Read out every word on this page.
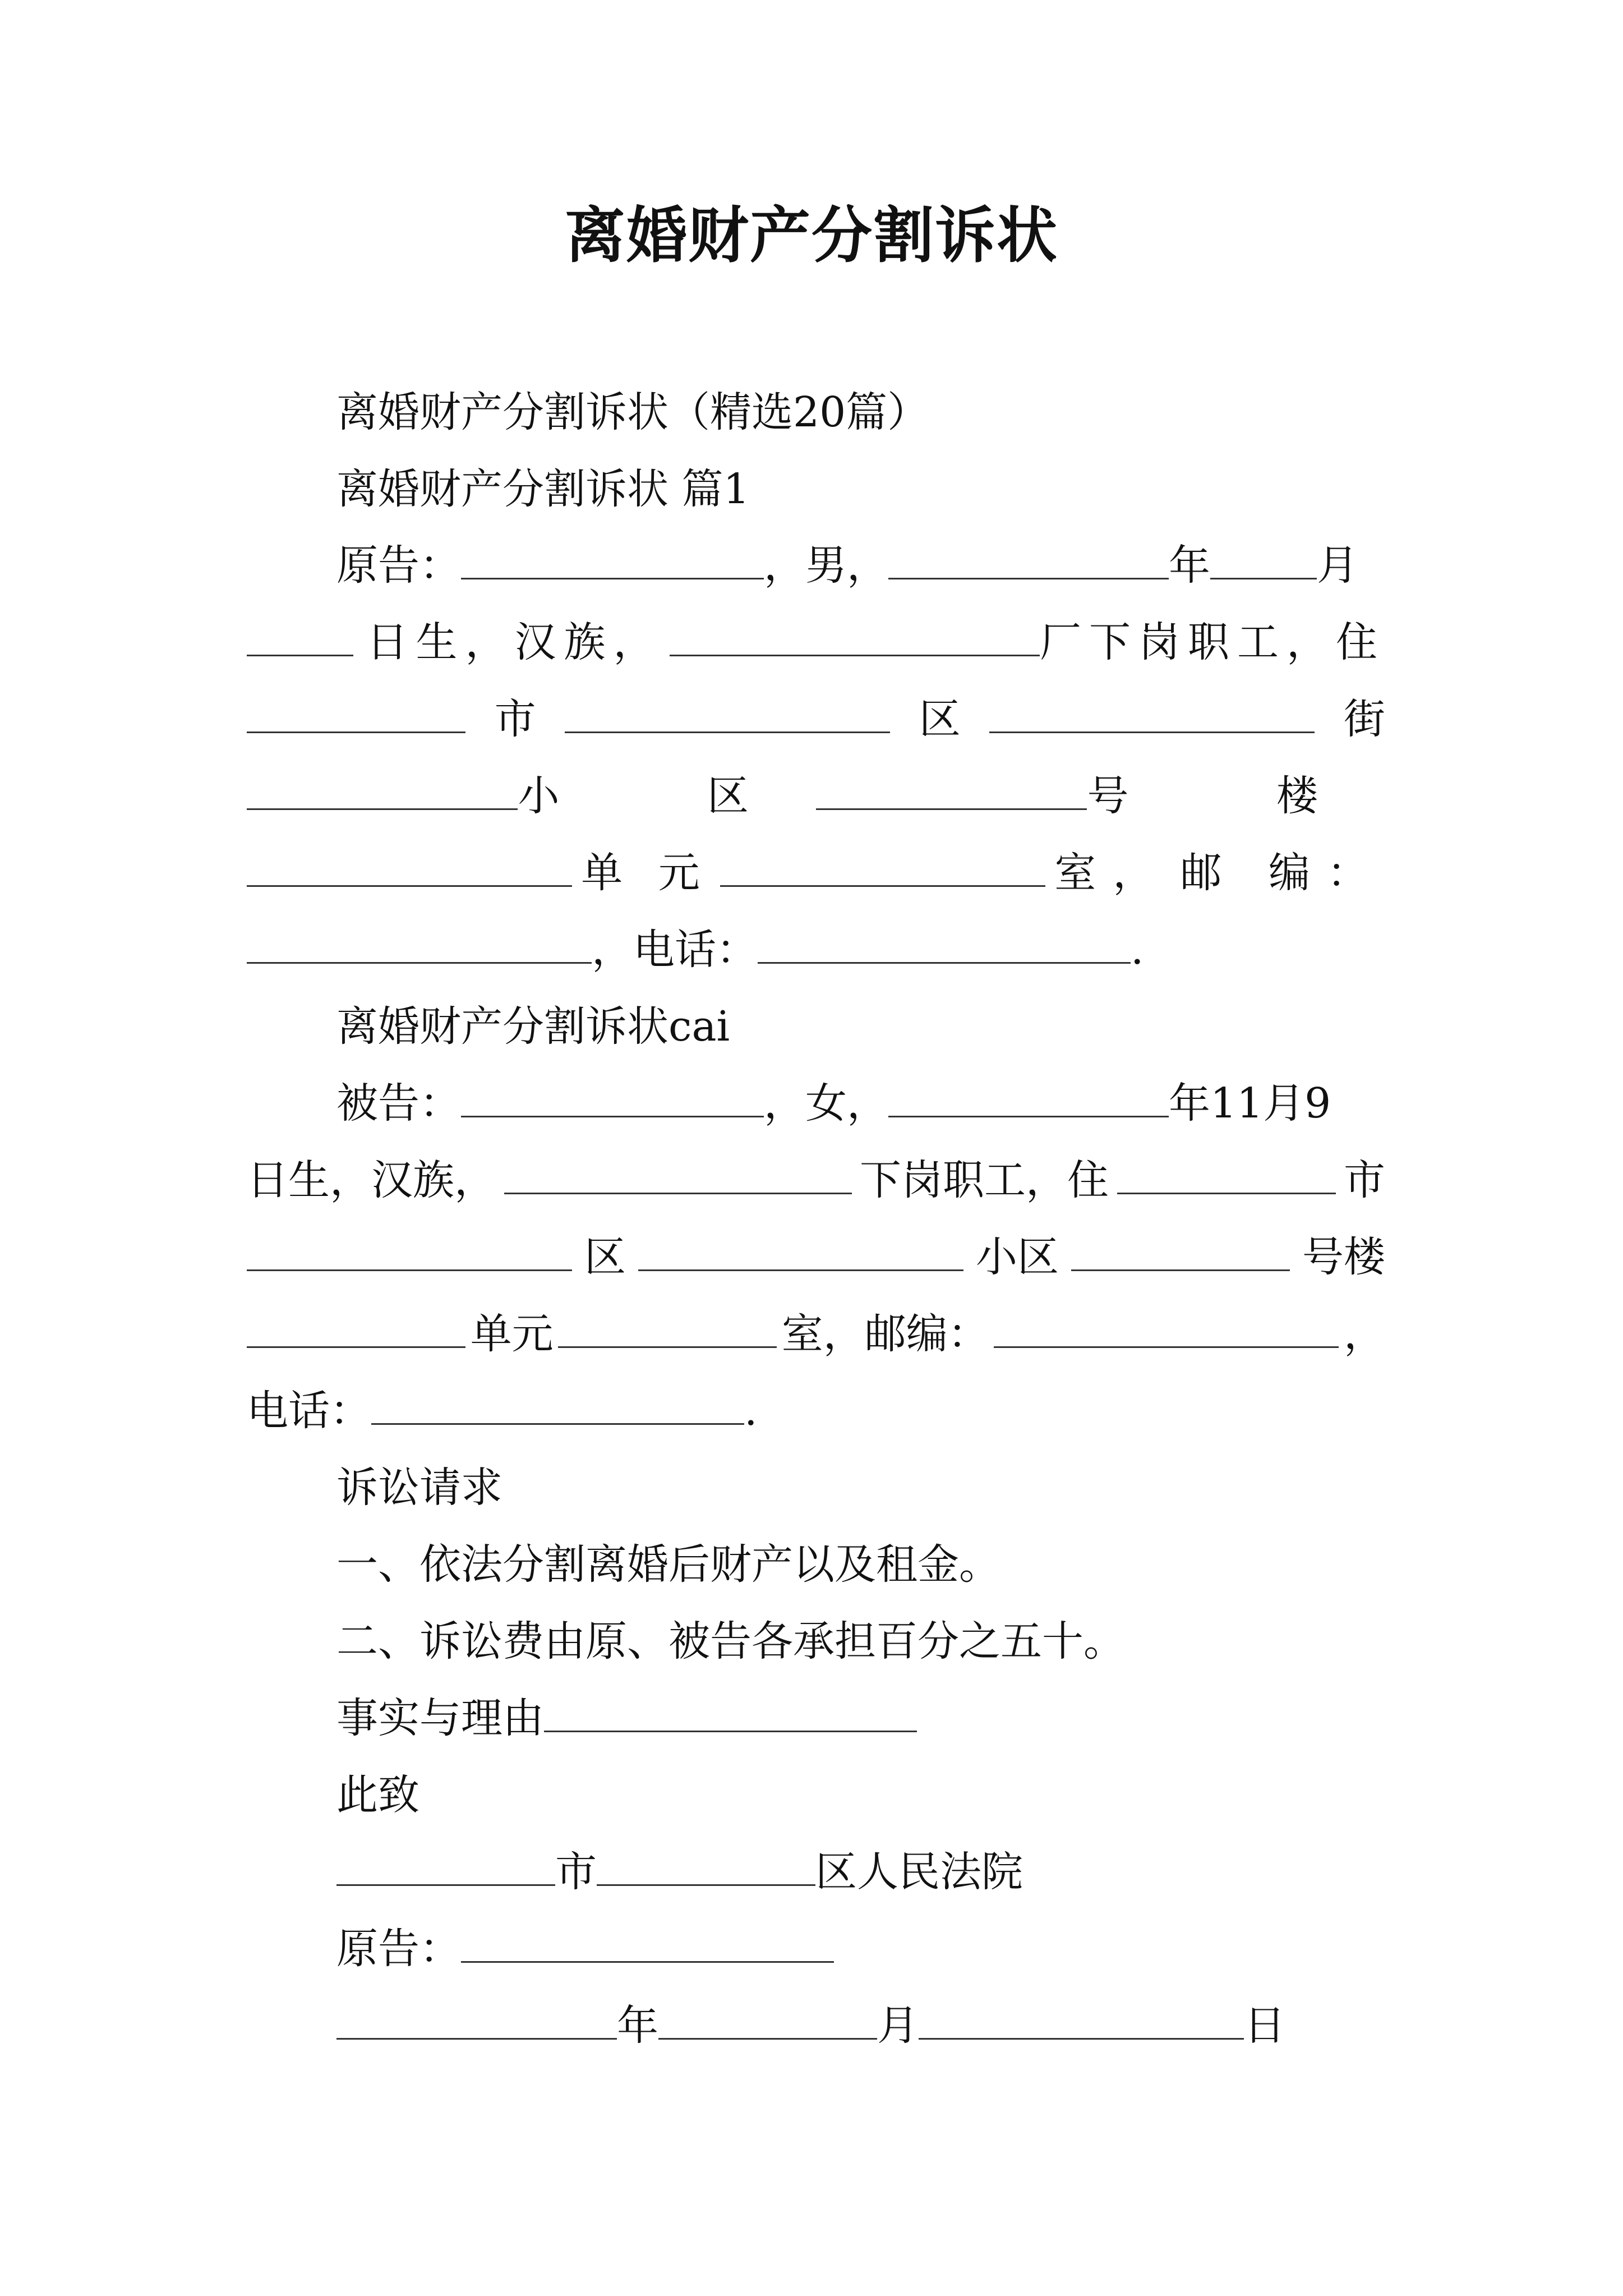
离婚财产分割诉状
离婚财产分割诉状（精选20篇）
离婚财产分割诉状 篇1
原告：	，男，	年	月
日生，汉族，	厂下岗职工，住
市	区	街
小 区	号 楼
单 元	室， 邮 编：
，电话：	.
离婚财产分割诉状cai
被告：	，女，	年11月9
日生，汉族，	下岗职工，住	市
区	小区	号楼
单元	室，邮编：	，
电话：	.
诉讼请求
一、依法分割离婚后财产以及租金。
二、诉讼费由原、被告各承担百分之五十。
事实与理由
此致
市	区人民法院
原告：
年	月	日
